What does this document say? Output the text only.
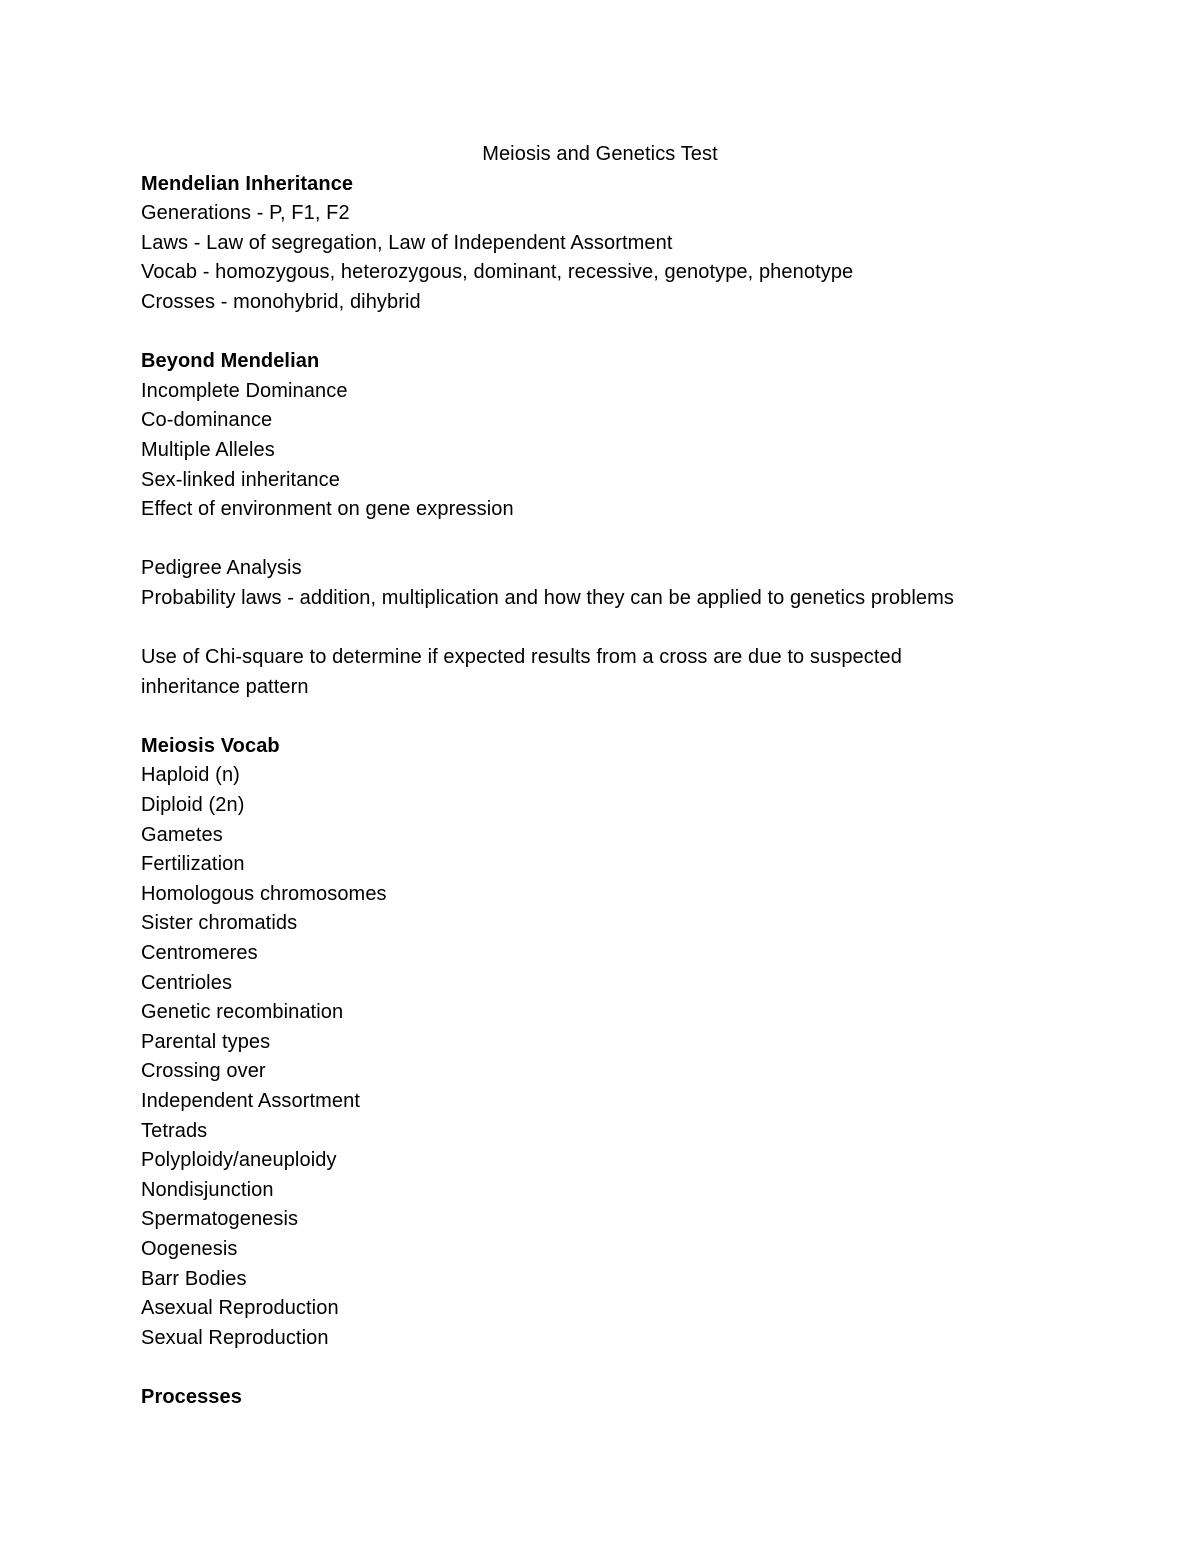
Meiosis and Genetics Test

Mendelian Inheritance

Generations - P, F1, F2

Laws - Law of segregation, Law of Independent Assortment

Vocab - homozygous, heterozygous, dominant, recessive, genotype, phenotype

Crosses - monohybrid, dihybrid

Beyond Mendelian

Incomplete Dominance

Co-dominance

Multiple Alleles

Sex-linked inheritance

Effect of environment on gene expression

Pedigree Analysis

Probability laws - addition, multiplication and how they can be applied to genetics problems

Use of Chi-square to determine if expected results from a cross are due to suspected

inheritance pattern

Meiosis Vocab

Haploid (n)

Diploid (2n)

Gametes

Fertilization

Homologous chromosomes

Sister chromatids

Centromeres

Centrioles

Genetic recombination

Parental types

Crossing over

Independent Assortment

Tetrads

Polyploidy/aneuploidy

Nondisjunction

Spermatogenesis

Oogenesis

Barr Bodies

Asexual Reproduction

Sexual Reproduction

Processes
